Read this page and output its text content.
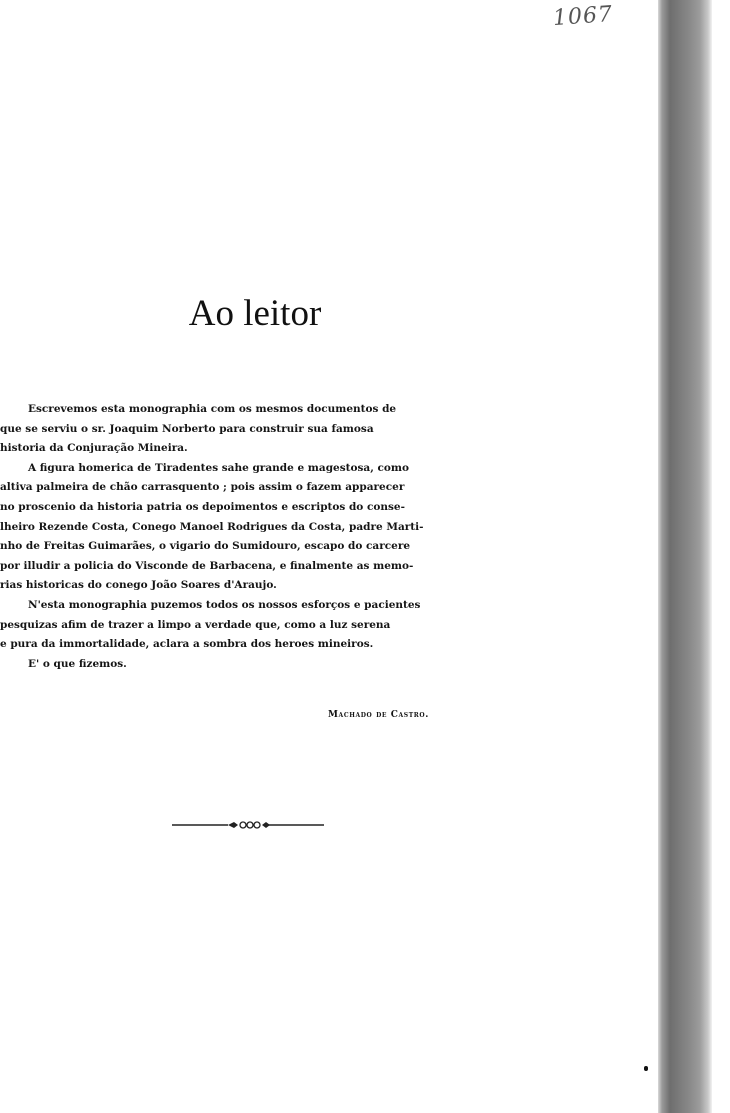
1067
Ao leitor

Escrevemos esta monographia com os mesmos documentos de
que se serviu o sr. Joaquim Norberto para construir sua famosa
historia da Conjuração Mineira.

A figura homerica de Tiradentes sahe grande e magestosa, como
altiva palmeira de chão carrasquento ; pois assim o fazem apparecer
no proscenio da historia patria os depoimentos e escriptos do conse-
lheiro Rezende Costa, Conego Manoel Rodrigues da Costa, padre Marti-
nho de Freitas Guimarães, o vigario do Sumidouro, escapo do carcere
por illudir a policia do Visconde de Barbacena, e finalmente as memo-
rias historicas do conego João Soares d'Araujo.

N'esta monographia puzemos todos os nossos esforços e pacientes
pesquizas afim de trazer a limpo a verdade que, como a luz serena
e pura da immortalidade, aclara a sombra dos heroes mineiros.

E' o que fizemos.

Machado de Castro.
